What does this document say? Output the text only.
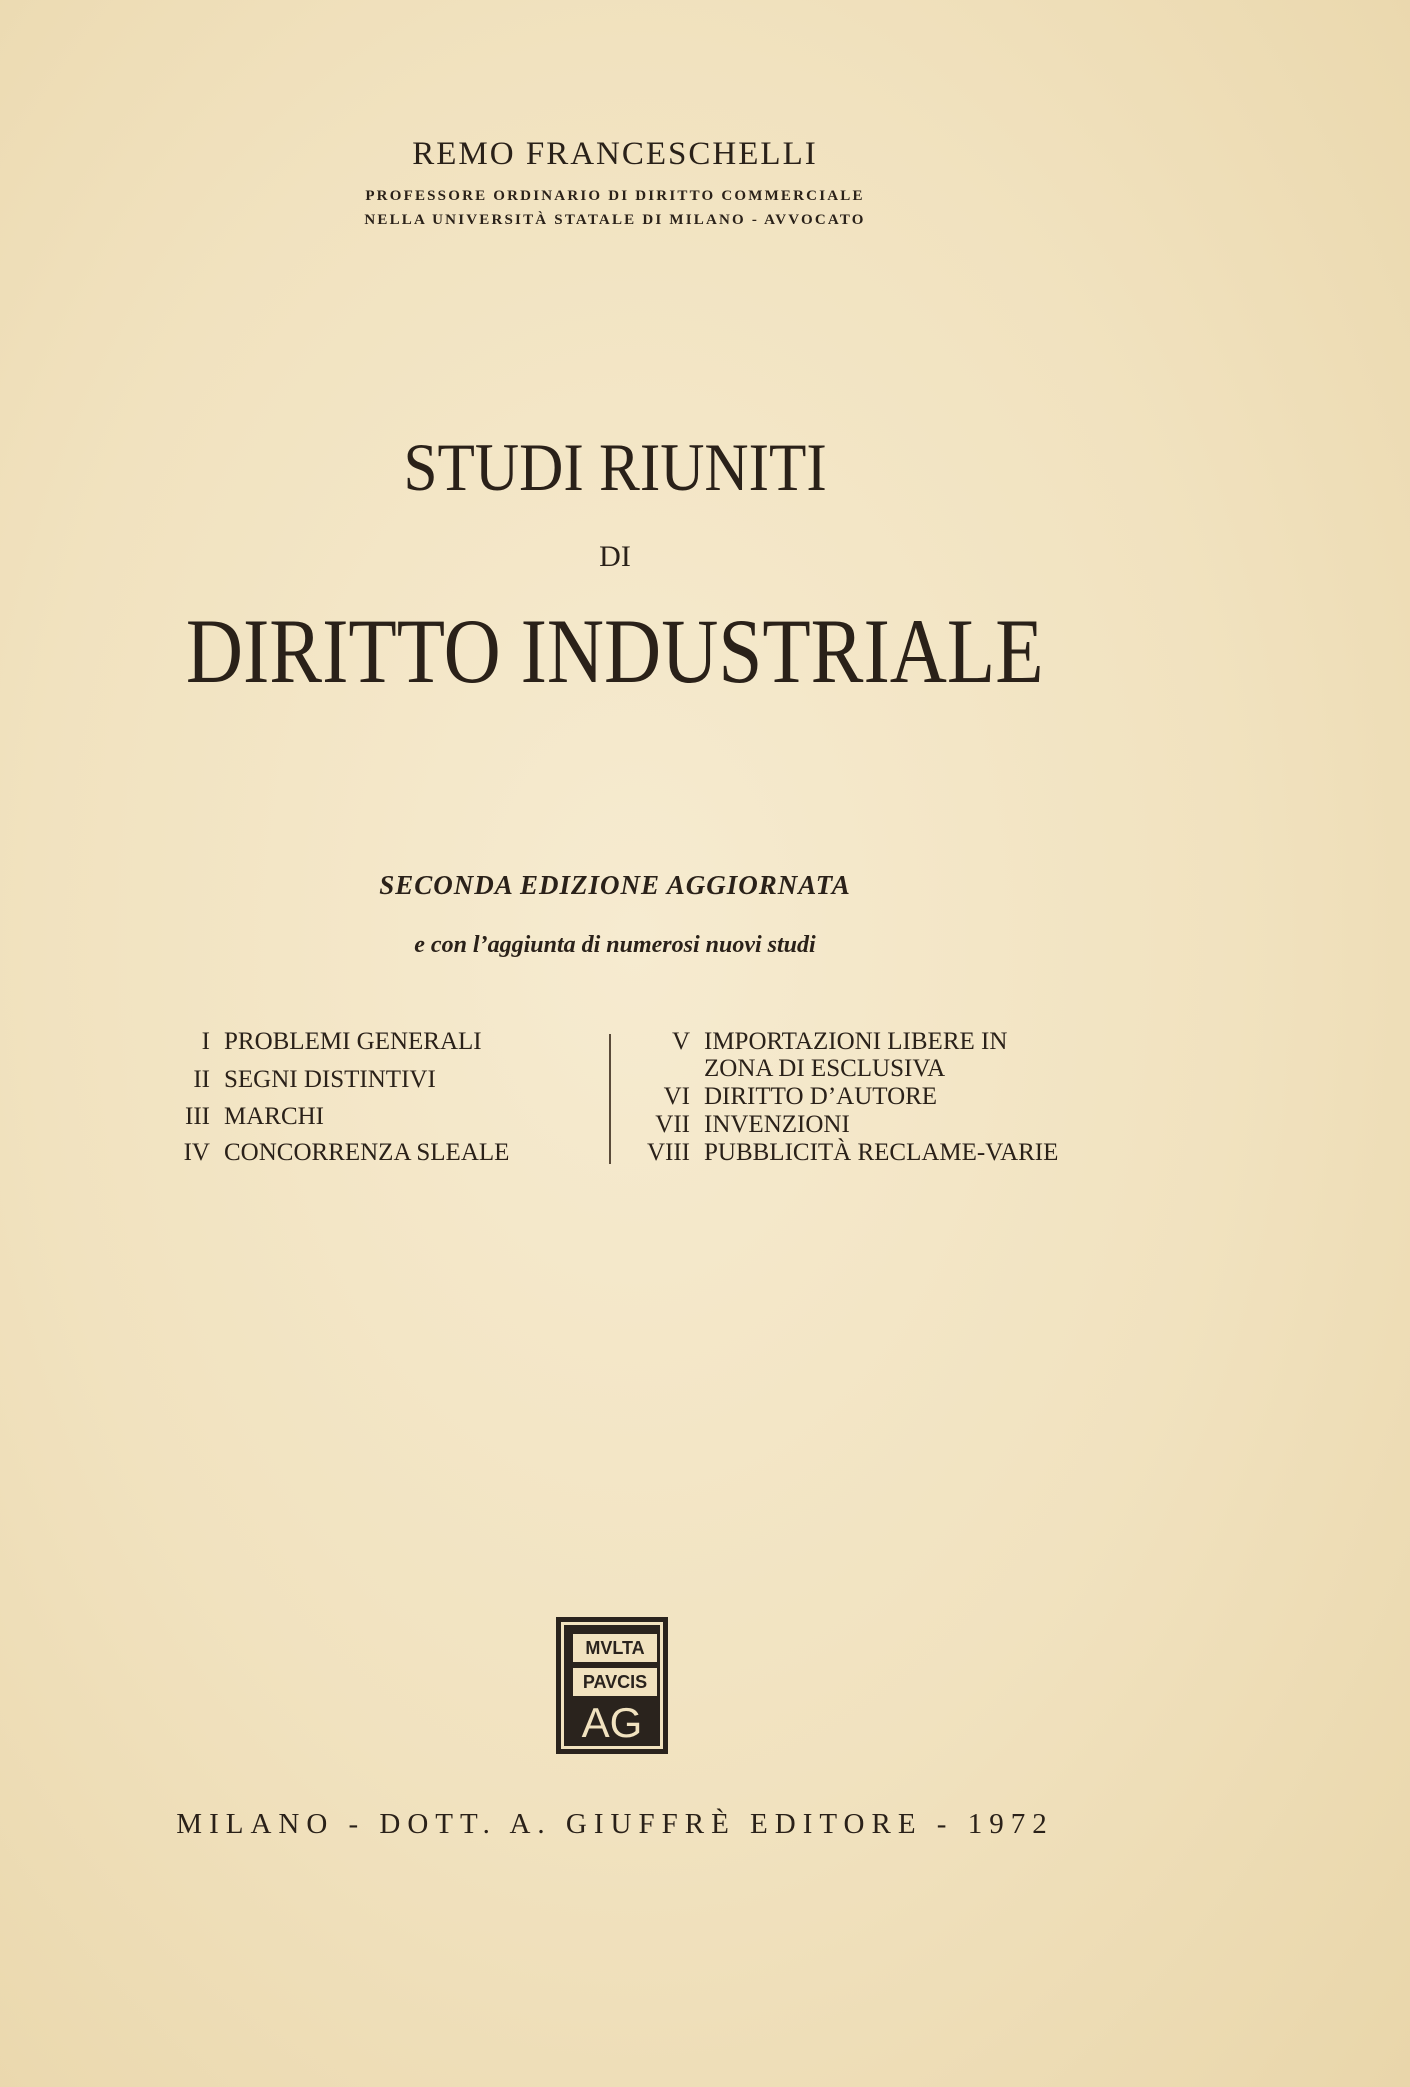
REMO FRANCESCHELLI
PROFESSORE ORDINARIO DI DIRITTO COMMERCIALE
NELLA UNIVERSITÀ STATALE DI MILANO - AVVOCATO
STUDI RIUNITI
DI
DIRITTO INDUSTRIALE
SECONDA EDIZIONE AGGIORNATA
e con l’aggiunta di numerosi nuovi studi
I PROBLEMI GENERALI
II SEGNI DISTINTIVI
III MARCHI
IV CONCORRENZA SLEALE
V IMPORTAZIONI LIBERE IN
ZONA DI ESCLUSIVA
VI DIRITTO D’AUTORE
VII INVENZIONI
VIII PUBBLICITÀ RECLAME-VARIE
MVLTA
PAVCIS
AG
MILANO - DOTT. A. GIUFFRÈ EDITORE - 1972
